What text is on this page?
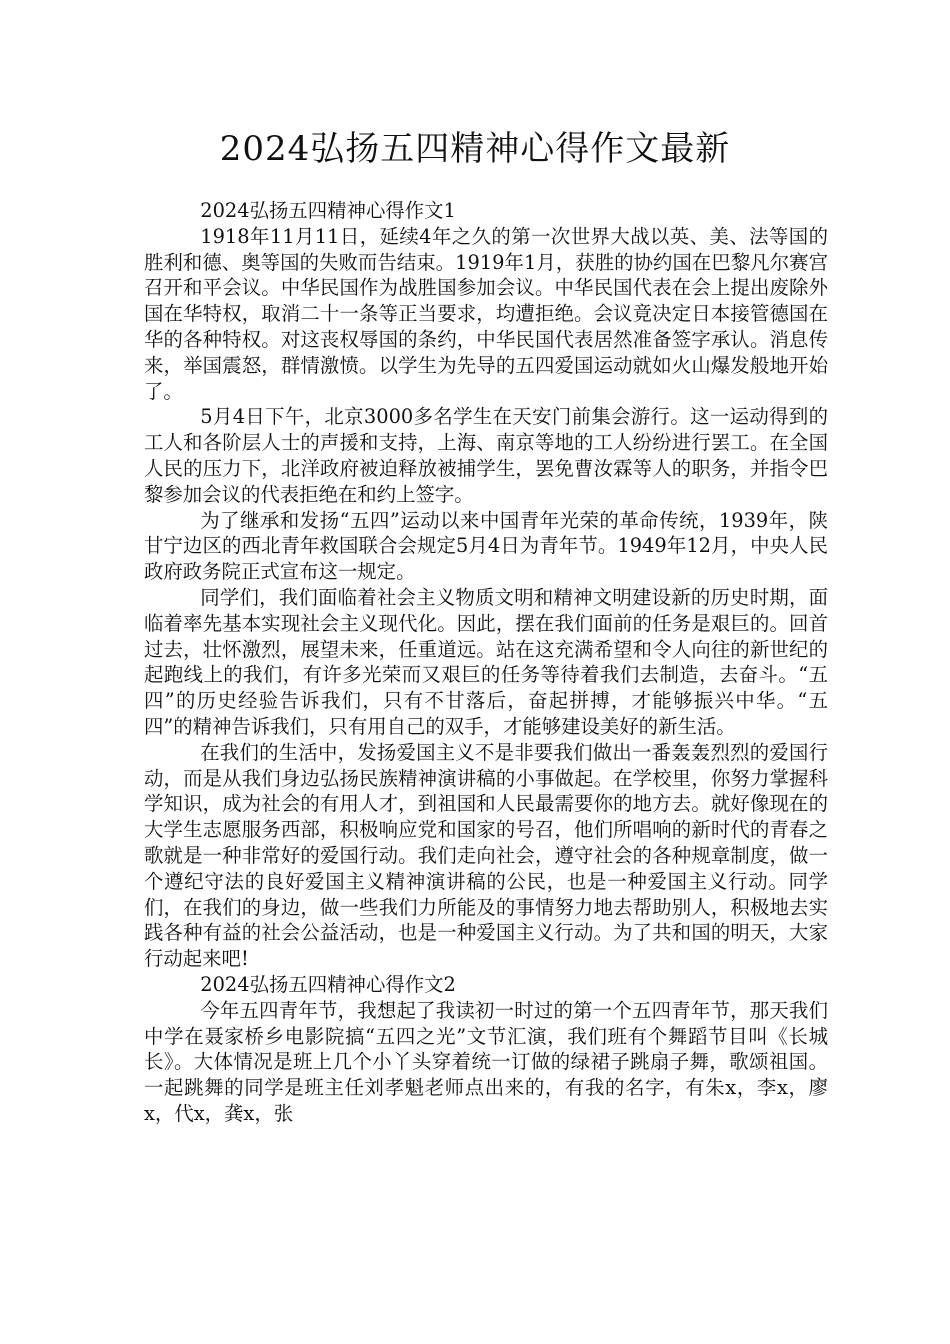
2024弘扬五四精神心得作文最新

2024弘扬五四精神心得作文1

1918年11月11日，延续4年之久的第一次世界大战以英、美、法等国的胜利和德、奥等国的失败而告结束。1919年1月，获胜的协约国在巴黎凡尔赛宫召开和平会议。中华民国作为战胜国参加会议。中华民国代表在会上提出废除外国在华特权，取消二十一条等正当要求，均遭拒绝。会议竟决定日本接管德国在华的各种特权。对这丧权辱国的条约，中华民国代表居然准备签字承认。消息传来，举国震怒，群情激愤。以学生为先导的五四爱国运动就如火山爆发般地开始了。

5月4日下午，北京3000多名学生在天安门前集会游行。这一运动得到的工人和各阶层人士的声援和支持，上海、南京等地的工人纷纷进行罢工。在全国人民的压力下，北洋政府被迫释放被捕学生，罢免曹汝霖等人的职务，并指令巴黎参加会议的代表拒绝在和约上签字。

为了继承和发扬“五四”运动以来中国青年光荣的革命传统，1939年，陕甘宁边区的西北青年救国联合会规定5月4日为青年节。1949年12月，中央人民政府政务院正式宣布这一规定。

同学们，我们面临着社会主义物质文明和精神文明建设新的历史时期，面临着率先基本实现社会主义现代化。因此，摆在我们面前的任务是艰巨的。回首过去，壮怀激烈，展望未来，任重道远。站在这充满希望和令人向往的新世纪的起跑线上的我们，有许多光荣而又艰巨的任务等待着我们去制造，去奋斗。“五四”的历史经验告诉我们，只有不甘落后，奋起拼搏，才能够振兴中华。“五四”的精神告诉我们，只有用自己的双手，才能够建设美好的新生活。

在我们的生活中，发扬爱国主义不是非要我们做出一番轰轰烈烈的爱国行动，而是从我们身边弘扬民族精神演讲稿的小事做起。在学校里，你努力掌握科学知识，成为社会的有用人才，到祖国和人民最需要你的地方去。就好像现在的大学生志愿服务西部，积极响应党和国家的号召，他们所唱响的新时代的青春之歌就是一种非常好的爱国行动。我们走向社会，遵守社会的各种规章制度，做一个遵纪守法的良好爱国主义精神演讲稿的公民，也是一种爱国主义行动。同学们，在我们的身边，做一些我们力所能及的事情努力地去帮助别人，积极地去实践各种有益的社会公益活动，也是一种爱国主义行动。为了共和国的明天，大家行动起来吧!

2024弘扬五四精神心得作文2

今年五四青年节，我想起了我读初一时过的第一个五四青年节，那天我们中学在聂家桥乡电影院搞“五四之光”文节汇演，我们班有个舞蹈节目叫《长城长》。大体情况是班上几个小丫头穿着统一订做的绿裙子跳扇子舞，歌颂祖国。一起跳舞的同学是班主任刘孝魁老师点出来的，有我的名字，有朱x，李x，廖x，代x，龚x，张
